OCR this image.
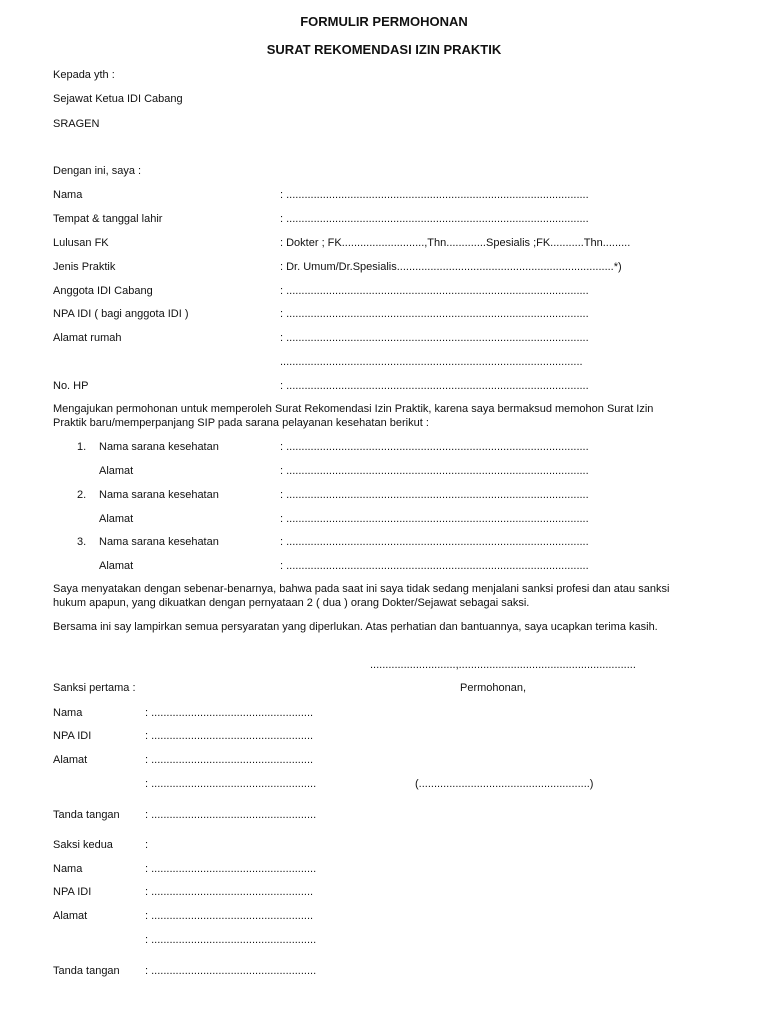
FORMULIR PERMOHONAN
SURAT REKOMENDASI IZIN PRAKTIK
Kepada yth :
Sejawat Ketua IDI Cabang
SRAGEN
Dengan ini, saya :
Nama	: ...................................................................................................
Tempat & tanggal lahir	: ...................................................................................................
Lulusan FK	: Dokter ; FK...........................,Thn.............Spesialis ;FK...........Thn.........
Jenis Praktik	: Dr. Umum/Dr.Spesialis.......................................................................*)
Anggota IDI Cabang	: ...................................................................................................
NPA IDI ( bagi anggota IDI )	: ...................................................................................................
Alamat rumah	: ...................................................................................................
...................................................................................................
No. HP	: ...................................................................................................
Mengajukan permohonan untuk memperoleh Surat Rekomendasi Izin Praktik, karena saya bermaksud memohon Surat Izin Praktik baru/memperpanjang SIP pada sarana pelayanan kesehatan berikut :
1. Nama sarana kesehatan	: ...................................................................................................
Alamat	: ...................................................................................................
2. Nama sarana kesehatan	: ...................................................................................................
Alamat	: ...................................................................................................
3. Nama sarana kesehatan	: ...................................................................................................
Alamat	: ...................................................................................................
Saya menyatakan dengan sebenar-benarnya, bahwa pada saat ini saya tidak sedang menjalani sanksi profesi dan atau sanksi hukum apapun, yang dikuatkan dengan pernyataan 2 ( dua ) orang Dokter/Sejawat sebagai saksi.
Bersama ini say lampirkan semua persyaratan yang diperlukan. Atas perhatian dan bantuannya, saya ucapkan terima kasih.
............................,..........................................................
Sanksi pertama :	Permohonan,
Nama	: .....................................................
NPA IDI	: .....................................................
Alamat	: .....................................................
: ......................................................	(........................................................)
Tanda tangan : ......................................................
Saksi kedua	:
Nama	: ......................................................
NPA IDI	: .....................................................
Alamat	: .....................................................
: ......................................................
Tanda tangan : ......................................................
